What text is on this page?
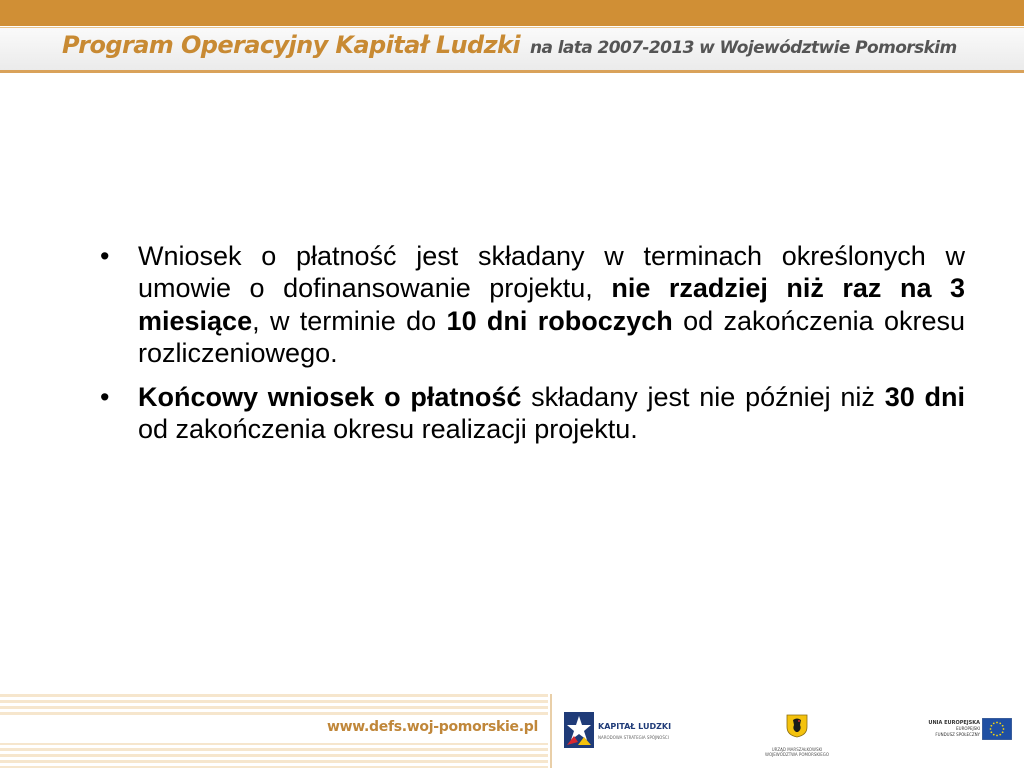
Program Operacyjny Kapitał Ludzki na lata 2007-2013 w Województwie Pomorskim
• Wniosek o płatność jest składany w terminach określonych w umowie o dofinansowanie projektu, nie rzadziej niż raz na 3 miesiące, w terminie do 10 dni roboczych od zakończenia okresu rozliczeniowego.
• Końcowy wniosek o płatność składany jest nie później niż 30 dni od zakończenia okresu realizacji projektu.
www.defs.woj-pomorskie.pl	KAPITAŁ LUDZKI
NARODOWA STRATEGIA SPÓJNOŚCI
URZĄD MARSZAŁKOWSKI
WOJEWÓDZTWA POMORSKIEGO
UNIA EUROPEJSKA
EUROPEJSKI
FUNDUSZ SPOŁECZNY
